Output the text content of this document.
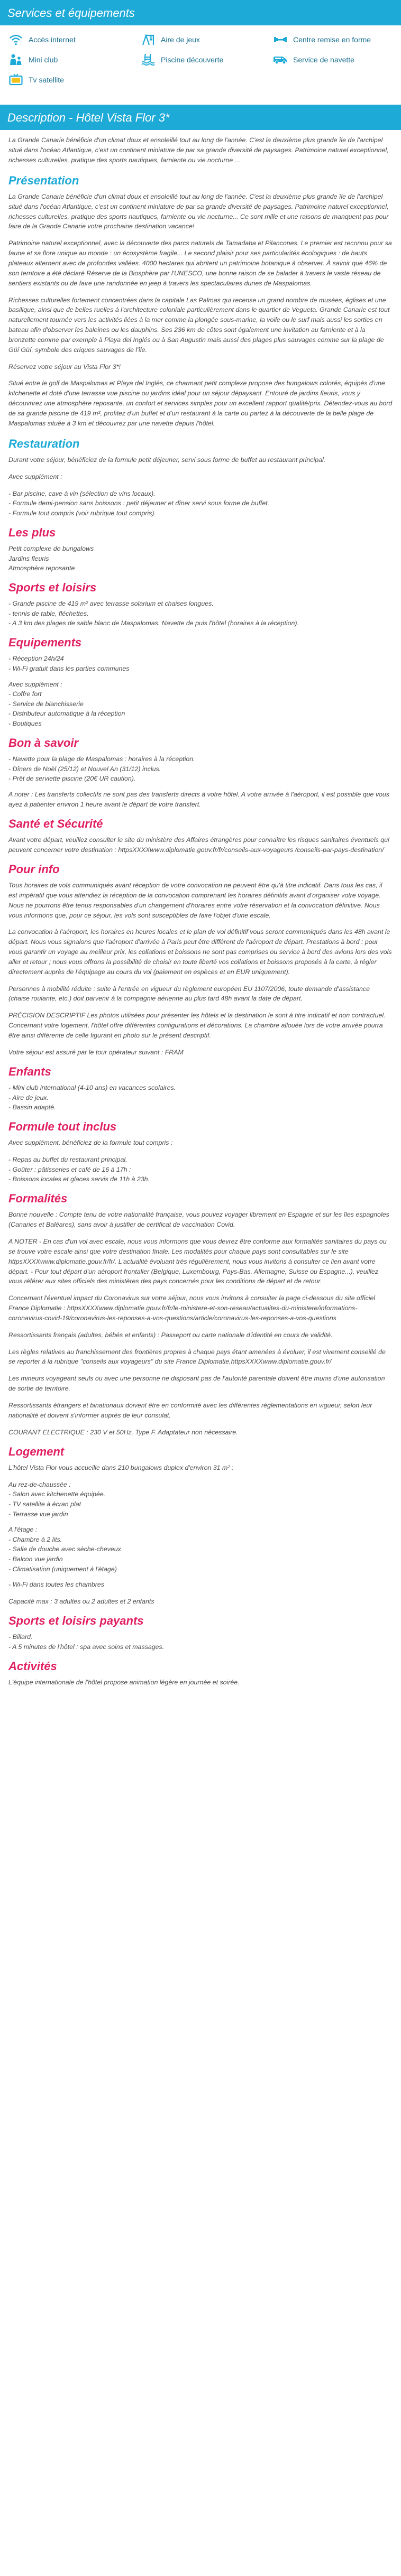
Services et équipements
Accès internet	Aire de jeux	Centre remise en forme
Mini club	Piscine découverte	Service de navette
Tv satellite
Description - Hôtel Vista Flor 3*

La Grande Canarie bénéficie d'un climat doux et ensoleillé tout au long de l'année. C'est la deuxième plus grande île de l'archipel situé dans l'océan Atlantique, c'est un continent miniature de par sa grande diversité de paysages. Patrimoine naturel exceptionnel, richesses culturelles, pratique des sports nautiques, farniente ou vie nocturne ...

Présentation

La Grande Canarie bénéficie d'un climat doux et ensoleillé tout au long de l'année. C'est la deuxième plus grande île de l'archipel situé dans l'océan Atlantique, c'est un continent miniature de par sa grande diversité de paysages. Patrimoine naturel exceptionnel, richesses culturelles, pratique des sports nautiques, farniente ou vie nocturne... Ce sont mille et une raisons de manquent pas pour faire de la Grande Canarie votre prochaine destination vacance!

Patrimoine naturel exceptionnel, avec la découverte des parcs naturels de Tamadaba et Pilancones. Le premier est reconnu pour sa faune et sa flore unique au monde : un écosystème fragile... Le second plaisir pour ses particularités écologiques : de hauts plateaux alternent avec de profondes vallées. 4000 hectares qui abritent un patrimoine botanique à observer. À savoir que 46% de son territoire a été déclaré Réserve de la Biosphère par l'UNESCO, une bonne raison de se balader à travers le vaste réseau de sentiers existants ou de faire une randonnée en jeep à travers les spectaculaires dunes de Maspalomas.

Richesses culturelles fortement concentrées dans la capitale Las Palmas qui recense un grand nombre de musées, églises et une basilique, ainsi que de belles ruelles à l'architecture coloniale particulièrement dans le quartier de Vegueta. Grande Canarie est tout naturellement tournée vers les activités liées à la mer comme la plongée sous-marine, la voile ou le surf mais aussi les sorties en bateau afin d'observer les baleines ou les dauphins. Ses 236 km de côtes sont également une invitation au farniente et à la bronzette comme par exemple à Playa del Inglés ou à San Augustin mais aussi des plages plus sauvages comme sur la plage de Güí Güí, symbole des criques sauvages de l'île.

Réservez votre séjour au Vista Flor 3*!

Situé entre le golf de Maspalomas et Playa del Inglés, ce charmant petit complexe propose des bungalows colorés, équipés d'une kitchenette et doté d'une terrasse vue piscine ou jardins idéal pour un séjour dépaysant. Entouré de jardins fleuris, vous y découvrirez une atmosphère reposante, un confort et services simples pour un excellent rapport qualité/prix. Détendez-vous au bord de sa grande piscine de 419 m², profitez d'un buffet et d'un restaurant à la carte ou partez à la découverte de la belle plage de Maspalomas située à 3 km et découvrez par une navette depuis l'hôtel.

Restauration

Durant votre séjour, bénéficiez de la formule petit déjeuner, servi sous forme de buffet au restaurant principal.

Avec supplément :

- Bar piscine, cave à vin (sélection de vins locaux).
- Formule demi-pension sans boissons : petit déjeuner et dîner servi sous forme de buffet.
- Formule tout compris (voir rubrique tout compris).
Les plus
Petit complexe de bungalows
Jardins fleuris
Atmosphère reposante
Sports et loisirs
- Grande piscine de 419 m² avec terrasse solarium et chaises longues.
- tennis de table, fléchettes.
- A 3 km des plages de sable blanc de Maspalomas. Navette de puis l'hôtel (horaires à la réception).
Equipements
- Réception 24h/24
- Wi-Fi gratuit dans les parties communes
Avec supplément :
- Coffre fort
- Service de blanchisserie
- Distributeur automatique à la réception
- Boutiques
Bon à savoir
- Navette pour la plage de Maspalomas : horaires à la réception.
- Dîners de Noël (25/12) et Nouvel An (31/12) inclus.
- Prêt de serviette piscine (20€ UR caution).

A noter : Les transferts collectifs ne sont pas des transferts directs à votre hôtel. A votre arrivée à l'aéroport, il est possible que vous ayez à patienter environ 1 heure avant le départ de votre transfert.

Santé et Sécurité

Avant votre départ, veuillez consulter le site du ministère des Affaires étrangères pour connaître les risques sanitaires éventuels qui peuvent concerner votre destination : httpsXXXXwww.diplomatie.gouv.fr/fr/conseils-aux-voyageurs /conseils-par-pays-destination/

Pour info

Tous horaires de vols communiqués avant réception de votre convocation ne peuvent être qu'à titre indicatif. Dans tous les cas, il est impératif que vous attendiez la réception de la convocation comprenant les horaires définitifs avant d'organiser votre voyage. Nous ne pourrons être tenus responsables d'un changement d'horaires entre votre réservation et la convocation définitive. Nous vous informons que, pour ce séjour, les vols sont susceptibles de faire l'objet d'une escale.

La convocation à l'aéroport, les horaires en heures locales et le plan de vol définitif vous seront communiqués dans les 48h avant le départ. Nous vous signalons que l'aéroport d'arrivée à Paris peut être différent de l'aéroport de départ. Prestations à bord : pour vous garantir un voyage au meilleur prix, les collations et boissons ne sont pas comprises ou service à bord des avions lors des vols aller et retour ; nous vous offrons la possibilité de choisir en toute liberté vos collations et boissons proposés à la carte, à régler directement auprès de l'équipage au cours du vol (paiement en espèces et en EUR uniquement).

Personnes à mobilité réduite : suite à l'entrée en vigueur du règlement européen EU 1107/2006, toute demande d'assistance (chaise roulante, etc.) doit parvenir à la compagnie aérienne au plus tard 48h avant la date de départ.

PRÉCISION DESCRIPTIF Les photos utilisées pour présenter les hôtels et la destination le sont à titre indicatif et non contractuel. Concernant votre logement, l'hôtel offre différentes configurations et décorations. La chambre allouée lors de votre arrivée pourra être ainsi différente de celle figurant en photo sur le présent descriptif.

Votre séjour est assuré par le tour opérateur suivant : FRAM

Enfants
- Mini club international (4-10 ans) en vacances scolaires.
- Aire de jeux.
- Bassin adapté.
Formule tout inclus

Avec supplément, bénéficiez de la formule tout compris :

- Repas au buffet du restaurant principal.
- Goûter : pâtisseries et café de 16 à 17h :
- Boissons locales et glaces servis de 11h à 23h.
Formalités

Bonne nouvelle : Compte tenu de votre nationalité française, vous pouvez voyager librement en Espagne et sur les îles espagnoles (Canaries et Baléares), sans avoir à justifier de certificat de vaccination Covid.

A NOTER - En cas d'un vol avec escale, nous vous informons que vous devrez être conforme aux formalités sanitaires du pays ou se trouve votre escale ainsi que votre destination finale. Les modalités pour chaque pays sont consultables sur le site httpsXXXXwww.diplomatie.gouv.fr/fr/. L'actualité évoluant très régulièrement, nous vous invitons à consulter ce lien avant votre départ. - Pour tout départ d'un aéroport frontalier (Belgique, Luxembourg, Pays-Bas, Allemagne, Suisse ou Espagne...), veuillez vous référer aux sites officiels des ministères des pays concernés pour les conditions de départ et de retour.

Concernant l'éventuel impact du Coronavirus sur votre séjour, nous vous invitons à consulter la page ci-dessous du site officiel France Diplomatie : httpsXXXXwww.diplomatie.gouv.fr/fr/le-ministere-et-son-reseau/actualites-du-ministere/informations-coronavirus-covid-19/coronavirus-les-reponses-a-vos-questions/article/coronavirus-les-reponses-a-vos-questions

Ressortissants français (adultes, bébés et enfants) : Passeport ou carte nationale d'identité en cours de validité.

Les règles relatives au franchissement des frontières propres à chaque pays étant amenées à évoluer, il est vivement conseillé de se reporter à la rubrique "conseils aux voyageurs" du site France Diplomatie,httpsXXXXwww.diplomatie.gouv.fr/

Les mineurs voyageant seuls ou avec une personne ne disposant pas de l'autorité parentale doivent être munis d'une autorisation de sortie de territoire.

Ressortissants étrangers et binationaux doivent être en conformité avec les différentes réglementations en vigueur, selon leur nationalité et doivent s'informer auprès de leur consulat.

COURANT ELECTRIQUE : 230 V et 50Hz. Type F. Adaptateur non nécessaire.

Logement

L'hôtel Vista Flor vous accueille dans 210 bungalows duplex d'environ 31 m² :

Au rez-de-chaussée :
- Salon avec kitchenette équipée.
- TV satellite à écran plat
- Terrasse vue jardin
A l'étage :
- Chambre à 2 lits.
- Salle de douche avec sèche-cheveux
- Balcon vue jardin
- Climatisation (uniquement à l'étage)

- Wi-Fi dans toutes les chambres

Capacité max : 3 adultes ou 2 adultes et 2 enfants

Sports et loisirs payants
- Billard.
- A 5 minutes de l'hôtel : spa avec soins et massages.
Activités

L'équipe internationale de l'hôtel propose animation légère en journée et soirée.
